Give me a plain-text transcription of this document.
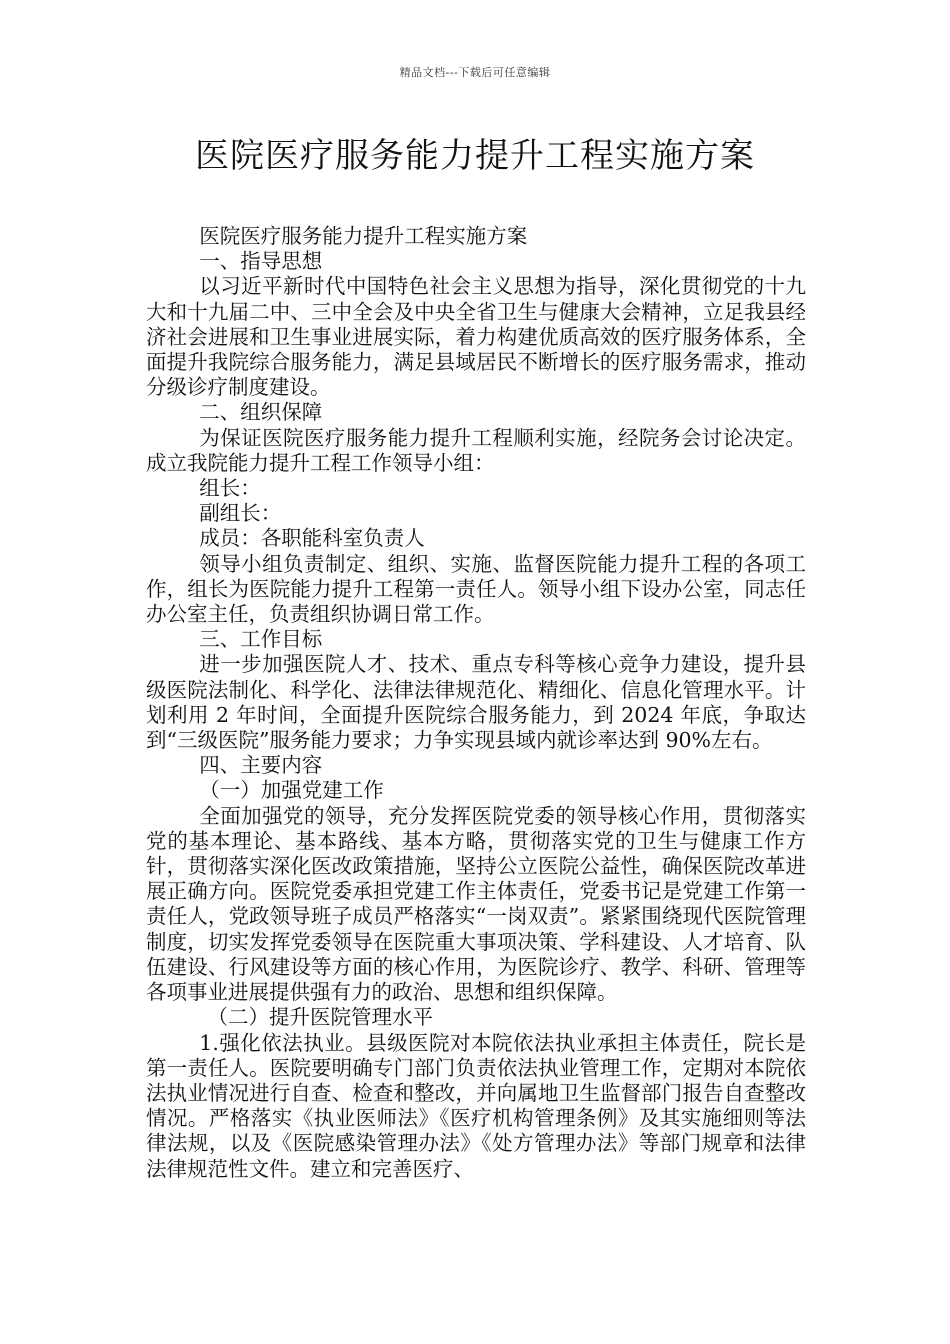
精品文档---下载后可任意编辑
医院医疗服务能力提升工程实施方案

医院医疗服务能力提升工程实施方案

一、指导思想

以习近平新时代中国特色社会主义思想为指导，深化贯彻党的十九大和十九届二中、三中全会及中央全省卫生与健康大会精神，立足我县经济社会进展和卫生事业进展实际，着力构建优质高效的医疗服务体系，全面提升我院综合服务能力，满足县域居民不断增长的医疗服务需求，推动分级诊疗制度建设。

二、组织保障

为保证医院医疗服务能力提升工程顺利实施，经院务会讨论决定。成立我院能力提升工程工作领导小组：

组长：

副组长：

成员：各职能科室负责人

领导小组负责制定、组织、实施、监督医院能力提升工程的各项工作，组长为医院能力提升工程第一责任人。领导小组下设办公室，同志任办公室主任，负责组织协调日常工作。

三、工作目标

进一步加强医院人才、技术、重点专科等核心竞争力建设，提升县级医院法制化、科学化、法律法律规范化、精细化、信息化管理水平。计划利用 2 年时间，全面提升医院综合服务能力，到 2024 年底，争取达到“三级医院”服务能力要求；力争实现县域内就诊率达到 90%左右。

四、主要内容

（一）加强党建工作

全面加强党的领导，充分发挥医院党委的领导核心作用，贯彻落实党的基本理论、基本路线、基本方略，贯彻落实党的卫生与健康工作方针，贯彻落实深化医改政策措施，坚持公立医院公益性，确保医院改革进展正确方向。医院党委承担党建工作主体责任，党委书记是党建工作第一责任人，党政领导班子成员严格落实“一岗双责”。紧紧围绕现代医院管理制度，切实发挥党委领导在医院重大事项决策、学科建设、人才培育、队伍建设、行风建设等方面的核心作用，为医院诊疗、教学、科研、管理等各项事业进展提供强有力的政治、思想和组织保障。

（二）提升医院管理水平

1.强化依法执业。县级医院对本院依法执业承担主体责任，院长是第一责任人。医院要明确专门部门负责依法执业管理工作，定期对本院依法执业情况进行自查、检查和整改，并向属地卫生监督部门报告自查整改情况。严格落实《执业医师法》《医疗机构管理条例》及其实施细则等法律法规，以及《医院感染管理办法》《处方管理办法》等部门规章和法律法律规范性文件。建立和完善医疗、
